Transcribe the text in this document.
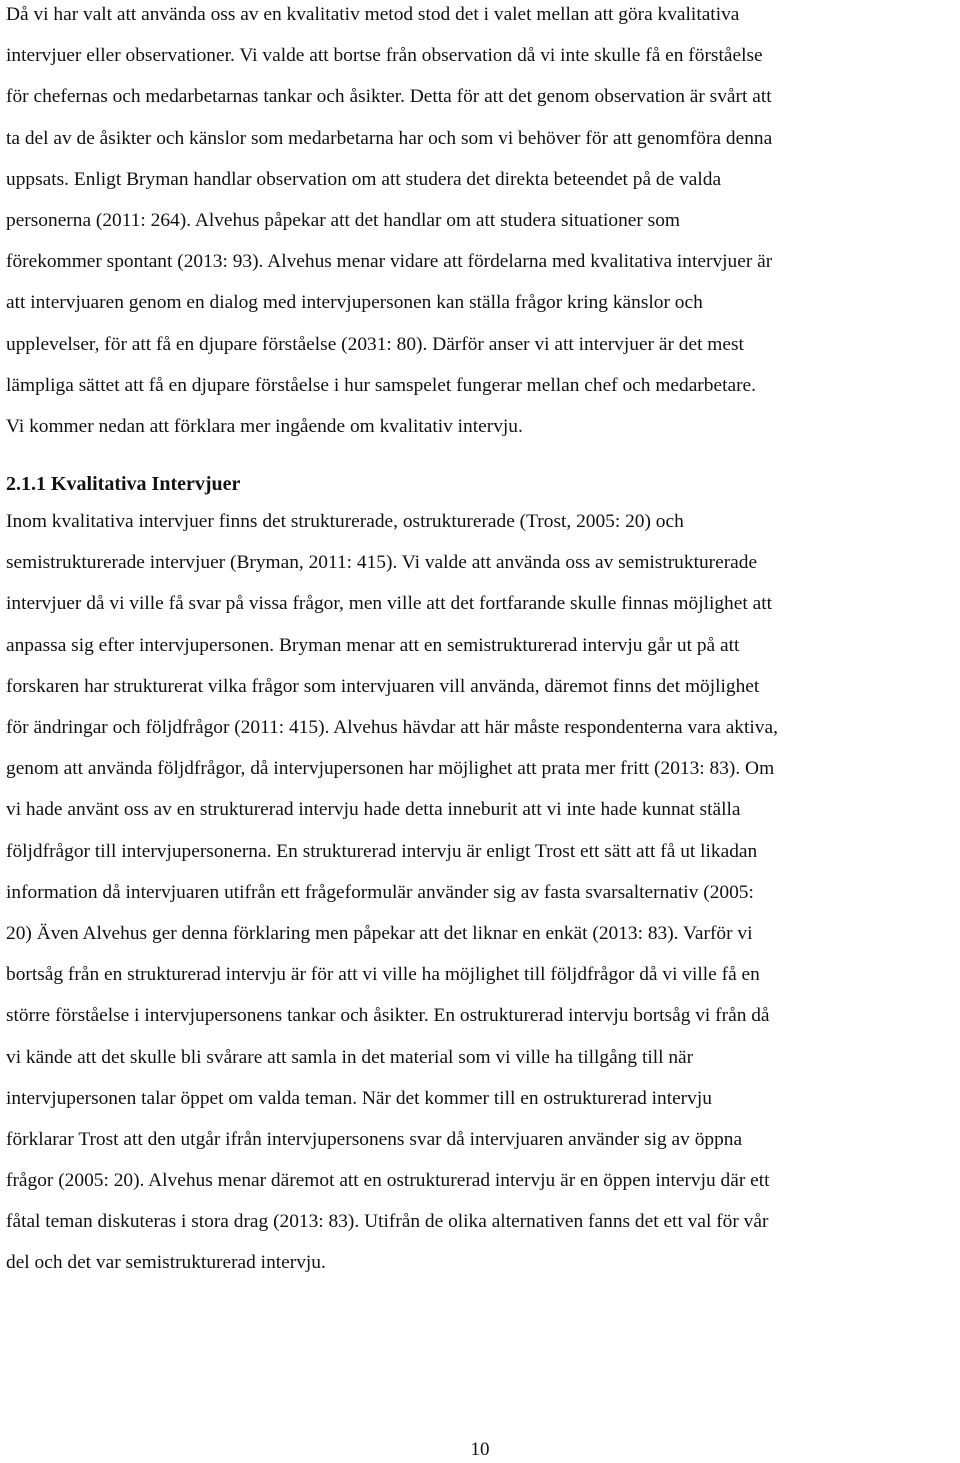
Då vi har valt att använda oss av en kvalitativ metod stod det i valet mellan att göra kvalitativa
intervjuer eller observationer. Vi valde att bortse från observation då vi inte skulle få en förståelse
för chefernas och medarbetarnas tankar och åsikter. Detta för att det genom observation är svårt att
ta del av de åsikter och känslor som medarbetarna har och som vi behöver för att genomföra denna
uppsats. Enligt Bryman handlar observation om att studera det direkta beteendet på de valda
personerna (2011: 264). Alvehus påpekar att det handlar om att studera situationer som
förekommer spontant (2013: 93). Alvehus menar vidare att fördelarna med kvalitativa intervjuer är
att intervjuaren genom en dialog med intervjupersonen kan ställa frågor kring känslor och
upplevelser, för att få en djupare förståelse (2031: 80). Därför anser vi att intervjuer är det mest
lämpliga sättet att få en djupare förståelse i hur samspelet fungerar mellan chef och medarbetare.
Vi kommer nedan att förklara mer ingående om kvalitativ intervju.
2.1.1 Kvalitativa Intervjuer
Inom kvalitativa intervjuer finns det strukturerade, ostrukturerade (Trost, 2005: 20) och
semistrukturerade intervjuer (Bryman, 2011: 415). Vi valde att använda oss av semistrukturerade
intervjuer då vi ville få svar på vissa frågor, men ville att det fortfarande skulle finnas möjlighet att
anpassa sig efter intervjupersonen. Bryman menar att en semistrukturerad intervju går ut på att
forskaren har strukturerat vilka frågor som intervjuaren vill använda, däremot finns det möjlighet
för ändringar och följdfrågor (2011: 415). Alvehus hävdar att här måste respondenterna vara aktiva,
genom att använda följdfrågor, då intervjupersonen har möjlighet att prata mer fritt (2013: 83). Om
vi hade använt oss av en strukturerad intervju hade detta inneburit att vi inte hade kunnat ställa
följdfrågor till intervjupersonerna. En strukturerad intervju är enligt Trost ett sätt att få ut likadan
information då intervjuaren utifrån ett frågeformulär använder sig av fasta svarsalternativ (2005:
20) Även Alvehus ger denna förklaring men påpekar att det liknar en enkät (2013: 83). Varför vi
bortsåg från en strukturerad intervju är för att vi ville ha möjlighet till följdfrågor då vi ville få en
större förståelse i intervjupersonens tankar och åsikter. En ostrukturerad intervju bortsåg vi från då
vi kände att det skulle bli svårare att samla in det material som vi ville ha tillgång till när
intervjupersonen talar öppet om valda teman. När det kommer till en ostrukturerad intervju
förklarar Trost att den utgår ifrån intervjupersonens svar då intervjuaren använder sig av öppna
frågor (2005: 20). Alvehus menar däremot att en ostrukturerad intervju är en öppen intervju där ett
fåtal teman diskuteras i stora drag (2013: 83). Utifrån de olika alternativen fanns det ett val för vår
del och det var semistrukturerad intervju.
10
